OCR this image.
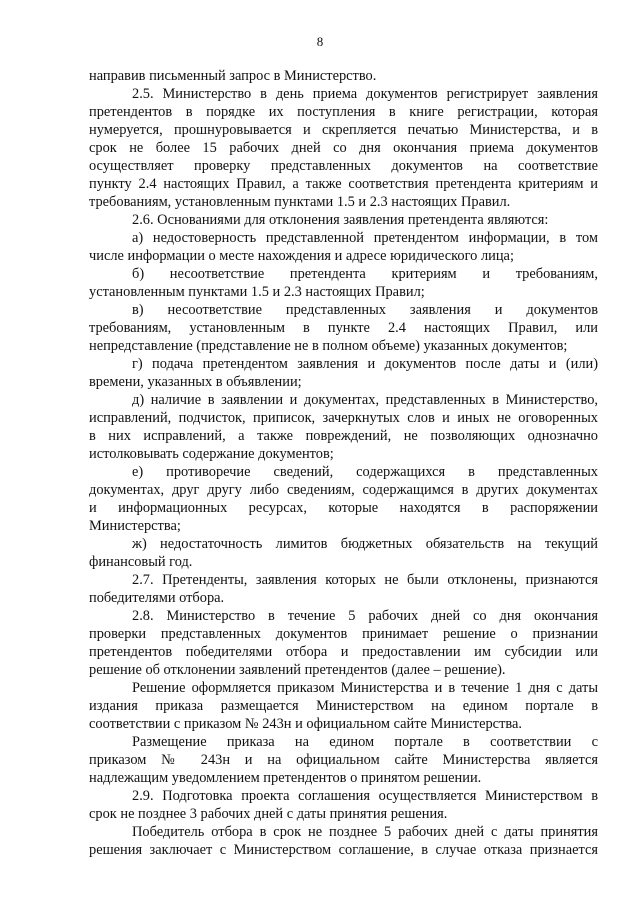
8
направив письменный запрос в Министерство.
2.5. Министерство в день приема документов регистрирует заявления
претендентов в порядке их поступления в книге регистрации, которая
нумеруется, прошнуровывается и скрепляется печатью Министерства, и в
срок не более 15 рабочих дней со дня окончания приема документов
осуществляет проверку представленных документов на соответствие
пункту 2.4 настоящих Правил, а также соответствия претендента критериям и
требованиям, установленным пунктами 1.5 и 2.3 настоящих Правил.
2.6. Основаниями для отклонения заявления претендента являются:
а) недостоверность представленной претендентом информации, в том
числе информации о месте нахождения и адресе юридического лица;
б) несоответствие претендента критериям и требованиям,
установленным пунктами 1.5 и 2.3 настоящих Правил;
в) несоответствие представленных заявления и документов
требованиям, установленным в пункте 2.4 настоящих Правил, или
непредставление (представление не в полном объеме) указанных документов;
г) подача претендентом заявления и документов после даты и (или)
времени, указанных в объявлении;
д) наличие в заявлении и документах, представленных в Министерство,
исправлений, подчисток, приписок, зачеркнутых слов и иных не оговоренных
в них исправлений, а также повреждений, не позволяющих однозначно
истолковывать содержание документов;
е) противоречие сведений, содержащихся в представленных
документах, друг другу либо сведениям, содержащимся в других документах
и информационных ресурсах, которые находятся в распоряжении
Министерства;
ж) недостаточность лимитов бюджетных обязательств на текущий
финансовый год.
2.7. Претенденты, заявления которых не были отклонены, признаются
победителями отбора.
2.8. Министерство в течение 5 рабочих дней со дня окончания
проверки представленных документов принимает решение о признании
претендентов победителями отбора и предоставлении им субсидии или
решение об отклонении заявлений претендентов (далее – решение).
Решение оформляется приказом Министерства и в течение 1 дня с даты
издания приказа размещается Министерством на едином портале в
соответствии с приказом № 243н и официальном сайте Министерства.
Размещение приказа на едином портале в соответствии с
приказом № 243н и на официальном сайте Министерства является
надлежащим уведомлением претендентов о принятом решении.
2.9. Подготовка проекта соглашения осуществляется Министерством в
срок не позднее 3 рабочих дней с даты принятия решения.
Победитель отбора в срок не позднее 5 рабочих дней с даты принятия
решения заключает с Министерством соглашение, в случае отказа признается
